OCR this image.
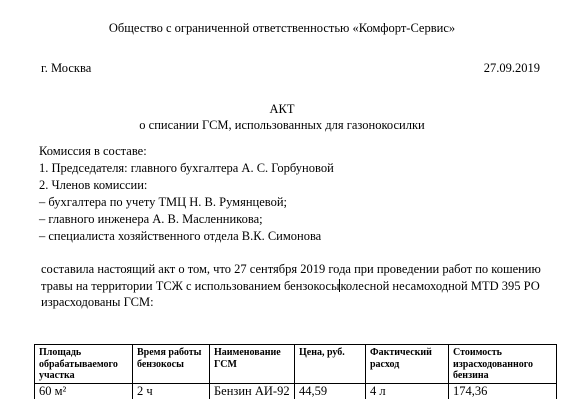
Общество с ограниченной ответственностью «Комфорт-Сервис»
г. Москва	27.09.2019
АКТ
о списании ГСМ, использованных для газонокосилки
Комиссия в составе:
1. Председателя: главного бухгалтера А. С. Горбуновой
2. Членов комиссии:
– бухгалтера по учету ТМЦ Н. В. Румянцевой;
– главного инженера А. В. Масленникова;
– специалиста хозяйственного отдела В.К. Симонова
составила настоящий акт о том, что 27 сентября 2019 года при проведении работ по кошению
травы на территории ТСЖ с использованием бензокосыколесной несамоходной MTD 395 РО
израсходованы ГСМ:
Площадь обрабатываемого участка	Время работы бензокосы	Наименование ГСМ	Цена, руб.	Фактический расход	Стоимость израсходованного бензина
60 м²	2 ч	Бензин АИ-92	44,59	4 л	174,36
